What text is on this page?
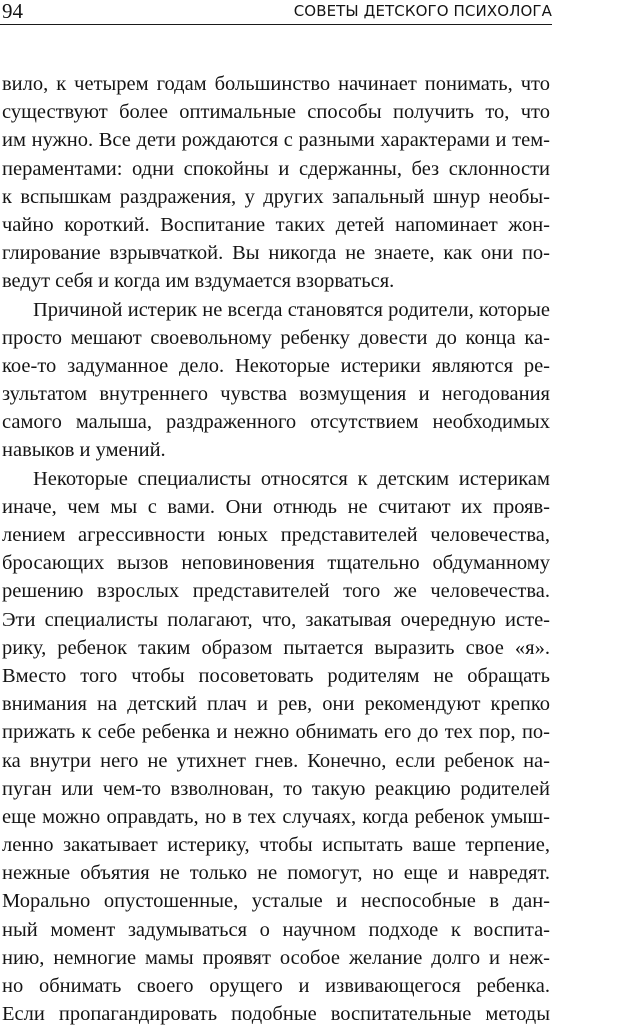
94	СОВЕТЫ ДЕТСКОГО ПСИХОЛОГА
вило, к четырем годам большинство начинает понимать, что
существуют более оптимальные способы получить то, что
им нужно. Все дети рождаются с разными характерами и тем-
пераментами: одни спокойны и сдержанны, без склонности
к вспышкам раздражения, у других запальный шнур необы-
чайно короткий. Воспитание таких детей напоминает жон-
глирование взрывчаткой. Вы никогда не знаете, как они по-
ведут себя и когда им вздумается взорваться.
Причиной истерик не всегда становятся родители, которые
просто мешают своевольному ребенку довести до конца ка-
кое-то задуманное дело. Некоторые истерики являются ре-
зультатом внутреннего чувства возмущения и негодования
самого малыша, раздраженного отсутствием необходимых
навыков и умений.
Некоторые специалисты относятся к детским истерикам
иначе, чем мы с вами. Они отнюдь не считают их прояв-
лением агрессивности юных представителей человечества,
бросающих вызов неповиновения тщательно обдуманному
решению взрослых представителей того же человечества.
Эти специалисты полагают, что, закатывая очередную исте-
рику, ребенок таким образом пытается выразить свое «я».
Вместо того чтобы посоветовать родителям не обращать
внимания на детский плач и рев, они рекомендуют крепко
прижать к себе ребенка и нежно обнимать его до тех пор, по-
ка внутри него не утихнет гнев. Конечно, если ребенок на-
пуган или чем-то взволнован, то такую реакцию родителей
еще можно оправдать, но в тех случаях, когда ребенок умыш-
ленно закатывает истерику, чтобы испытать ваше терпение,
нежные объятия не только не помогут, но еще и навредят.
Морально опустошенные, усталые и неспособные в дан-
ный момент задумываться о научном подходе к воспита-
нию, немногие мамы проявят особое желание долго и неж-
но обнимать своего орущего и извивающегося ребенка.
Если пропагандировать подобные воспитательные методы
